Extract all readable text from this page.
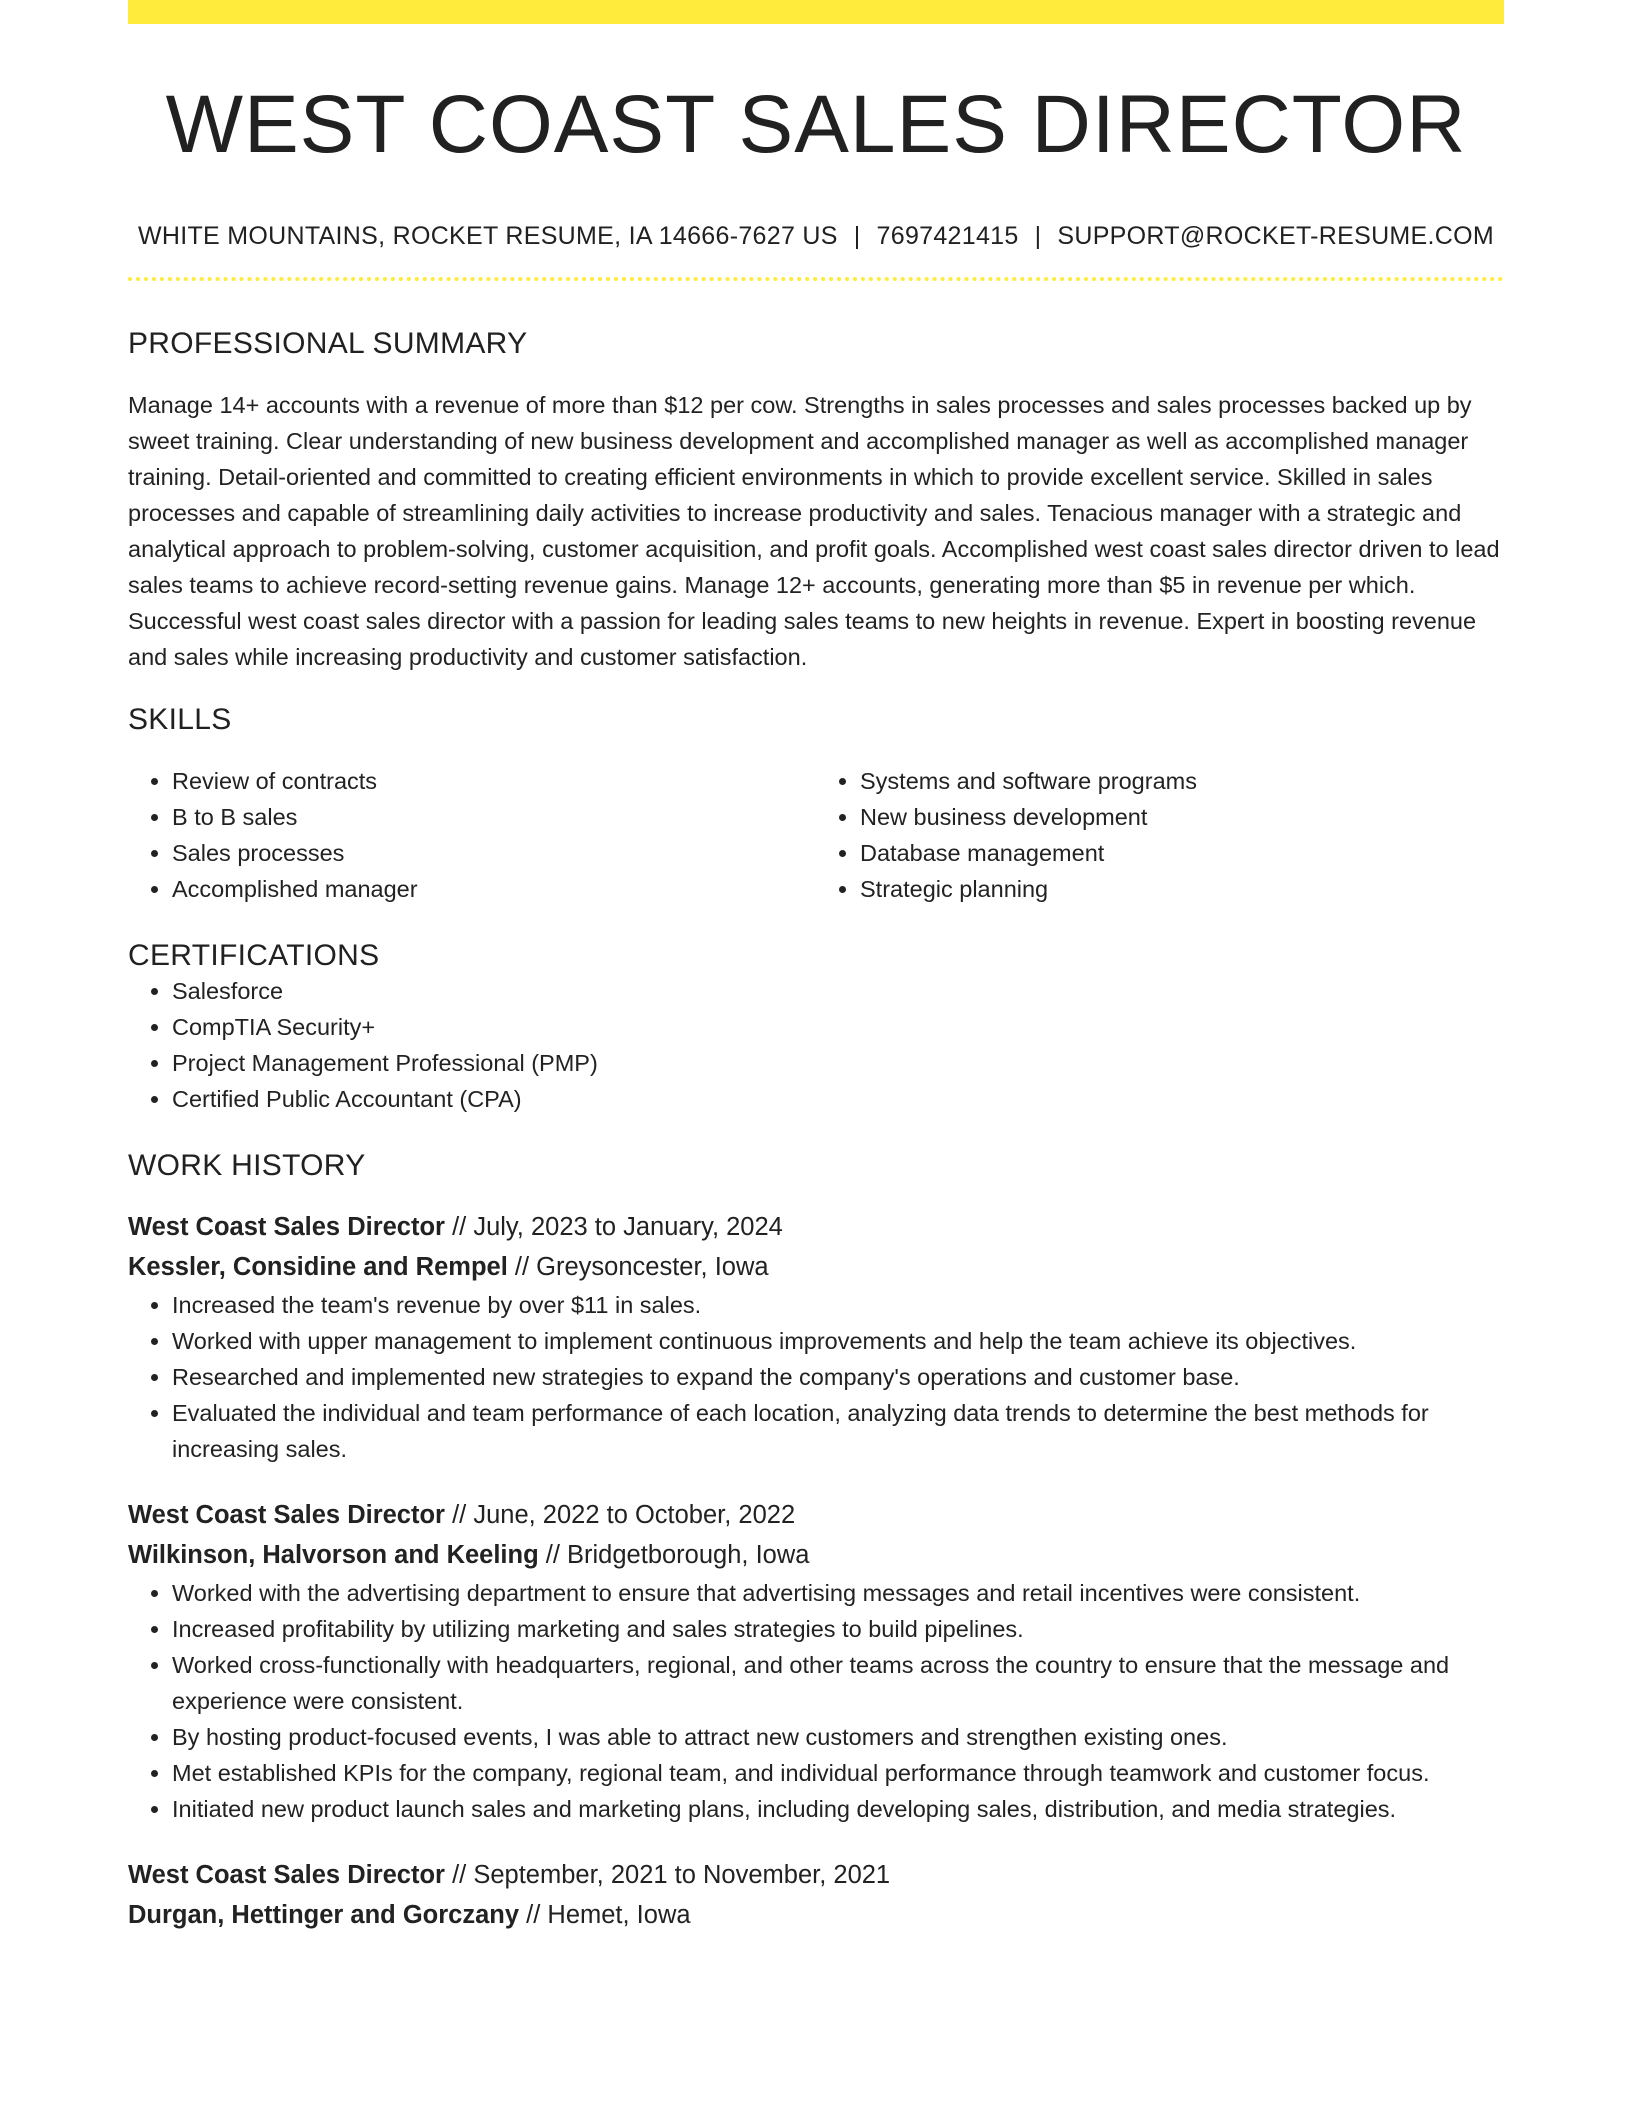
WEST COAST SALES DIRECTOR
WHITE MOUNTAINS, ROCKET RESUME, IA 14666-7627 US | 7697421415 | SUPPORT@ROCKET-RESUME.COM
PROFESSIONAL SUMMARY
Manage 14+ accounts with a revenue of more than $12 per cow. Strengths in sales processes and sales processes backed up by sweet training. Clear understanding of new business development and accomplished manager as well as accomplished manager training. Detail-oriented and committed to creating efficient environments in which to provide excellent service. Skilled in sales processes and capable of streamlining daily activities to increase productivity and sales. Tenacious manager with a strategic and analytical approach to problem-solving, customer acquisition, and profit goals. Accomplished west coast sales director driven to lead sales teams to achieve record-setting revenue gains. Manage 12+ accounts, generating more than $5 in revenue per which. Successful west coast sales director with a passion for leading sales teams to new heights in revenue. Expert in boosting revenue and sales while increasing productivity and customer satisfaction.
SKILLS
• Review of contracts
• B to B sales
• Sales processes
• Accomplished manager
• Systems and software programs
• New business development
• Database management
• Strategic planning
CERTIFICATIONS
• Salesforce
• CompTIA Security+
• Project Management Professional (PMP)
• Certified Public Accountant (CPA)
WORK HISTORY
West Coast Sales Director // July, 2023 to January, 2024
Kessler, Considine and Rempel // Greysoncester, Iowa
• Increased the team's revenue by over $11 in sales.
• Worked with upper management to implement continuous improvements and help the team achieve its objectives.
• Researched and implemented new strategies to expand the company's operations and customer base.
• Evaluated the individual and team performance of each location, analyzing data trends to determine the best methods for increasing sales.
West Coast Sales Director // June, 2022 to October, 2022
Wilkinson, Halvorson and Keeling // Bridgetborough, Iowa
• Worked with the advertising department to ensure that advertising messages and retail incentives were consistent.
• Increased profitability by utilizing marketing and sales strategies to build pipelines.
• Worked cross-functionally with headquarters, regional, and other teams across the country to ensure that the message and experience were consistent.
• By hosting product-focused events, I was able to attract new customers and strengthen existing ones.
• Met established KPIs for the company, regional team, and individual performance through teamwork and customer focus.
• Initiated new product launch sales and marketing plans, including developing sales, distribution, and media strategies.
West Coast Sales Director // September, 2021 to November, 2021
Durgan, Hettinger and Gorczany // Hemet, Iowa
